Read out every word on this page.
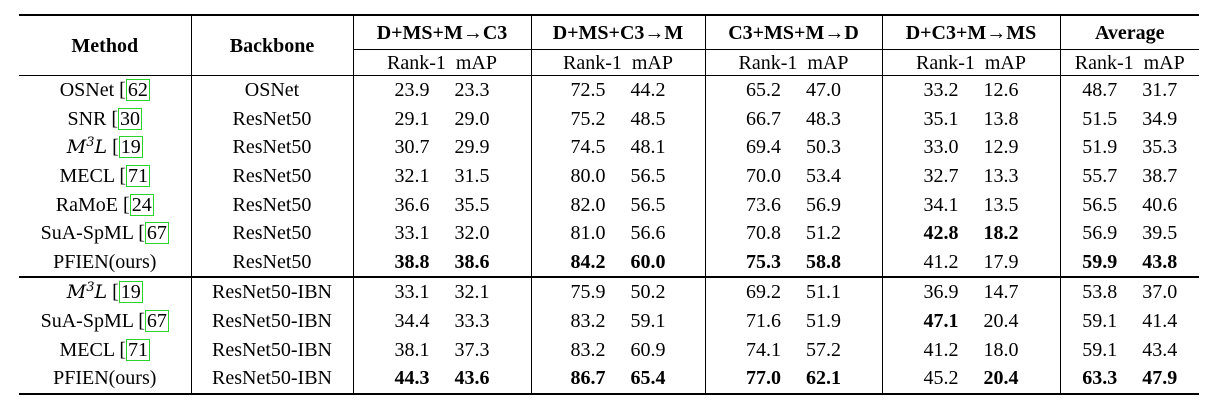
Method	Backbone	D+MS+M→C3	D+MS+C3→M	C3+MS+M→D	D+C3+M→MS	Average
		Rank-1  mAP	Rank-1  mAP	Rank-1  mAP	Rank-1  mAP	Rank-1  mAP
OSNet [ 62	OSNet	23.9 23.3	72.5 44.2	65.2 47.0	33.2 12.6	48.7 31.7

SNR [ 30	ResNet50	29.1 29.0	75.2 48.5	66.7 48.3	35.1 13.8	51.5 34.9

$M^3L$ [ 19	ResNet50	30.7 29.9	74.5 48.1	69.4 50.3	33.0 12.9	51.9 35.3

MECL [ 71	ResNet50	32.1 31.5	80.0 56.5	70.0 53.4	32.7 13.3	55.7 38.7

RaMoE [ 24	ResNet50	36.6 35.5	82.0 56.5	73.6 56.9	34.1 13.5	56.5 40.6

SuA-SpML [ 67	ResNet50	33.1 32.0	81.0 56.6	70.8 51.2	42.8 18.2	56.9 39.5

PFIEN(ours)	ResNet50	38.8 38.6	84.2 60.0	75.3 58.8	41.2 17.9	59.9 43.8

$M^3L$ [ 19	ResNet50-IBN	33.1 32.1	75.9 50.2	69.2 51.1	36.9 14.7	53.8 37.0

SuA-SpML [ 67	ResNet50-IBN	34.4 33.3	83.2 59.1	71.6 51.9	47.1 20.4	59.1 41.4

MECL [ 71	ResNet50-IBN	38.1 37.3	83.2 60.9	74.1 57.2	41.2 18.0	59.1 43.4

PFIEN(ours)	ResNet50-IBN	44.3 43.6	86.7 65.4	77.0 62.1	45.2 20.4	63.3 47.9
